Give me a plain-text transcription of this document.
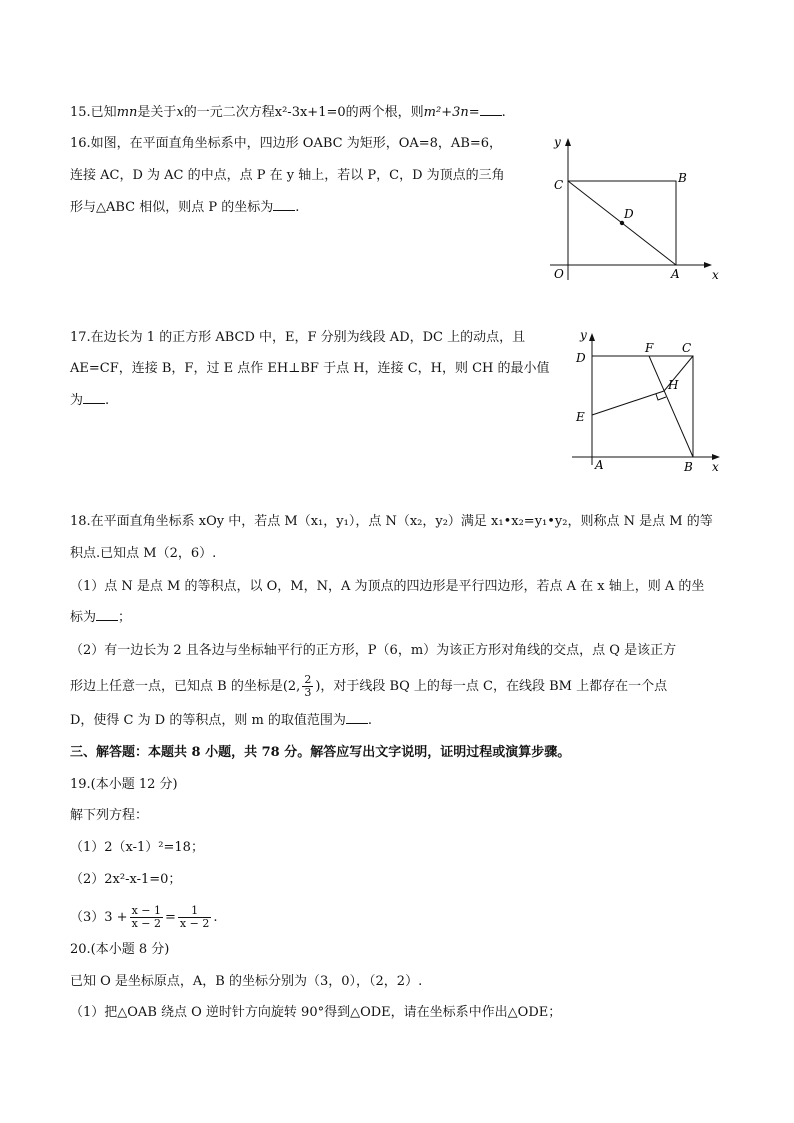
15.已知mn是关于x的一元二次方程x²-3x+1=0的两个根，则m²+3n= .
16.如图，在平面直角坐标系中，四边形 OABC 为矩形，OA=8，AB=6，
连接 AC，D 为 AC 的中点，点 P 在 y 轴上，若以 P，C，D 为顶点的三角
形与△ABC 相似，则点 P 的坐标为 .
y
x
C	B
D
O	A
17.在边长为 1 的正方形 ABCD 中，E，F 分别为线段 AD，DC 上的动点，且
AE=CF，连接 B，F，过 E 点作 EH⊥BF 于点 H，连接 C，H，则 CH 的最小值
为 .
y
x
D
F C
H
E
A	B
18.在平面直角坐标系 xOy 中，若点 M（x₁，y₁），点 N（x₂，y₂）满足 x₁•x₂=y₁•y₂，则称点 N 是点 M 的等
积点.已知点 M（2，6）.
（1）点 N 是点 M 的等积点，以 O，M，N，A 为顶点的四边形是平行四边形，若点 A 在 x 轴上，则 A 的坐
标为 ；
（2）有一边长为 2 且各边与坐标轴平行的正方形，P（6，m）为该正方形对角线的交点，点 Q 是该正方
形边上任意一点，已知点 B 的坐标是(2, $\frac{2}{3}$ )，对于线段 BQ 上的每一点 C，在线段 BM 上都存在一个点
D，使得 C 为 D 的等积点，则 m 的取值范围为 .
三、解答题：本题共 8 小题，共 78 分。解答应写出文字说明，证明过程或演算步骤。
19.(本小题 12 分)
解下列方程：
（1）2（x-1）²=18；
（2）2x²-x-1=0；
$(3)3 + \frac{x - 1}{x - 2} = \frac{1}{x - 2}$ .
20.(本小题 8 分)
已知 O 是坐标原点，A，B 的坐标分别为（3，0），（2，2）.
（1）把△OAB 绕点 O 逆时针方向旋转 90°得到△ODE，请在坐标系中作出△ODE；
